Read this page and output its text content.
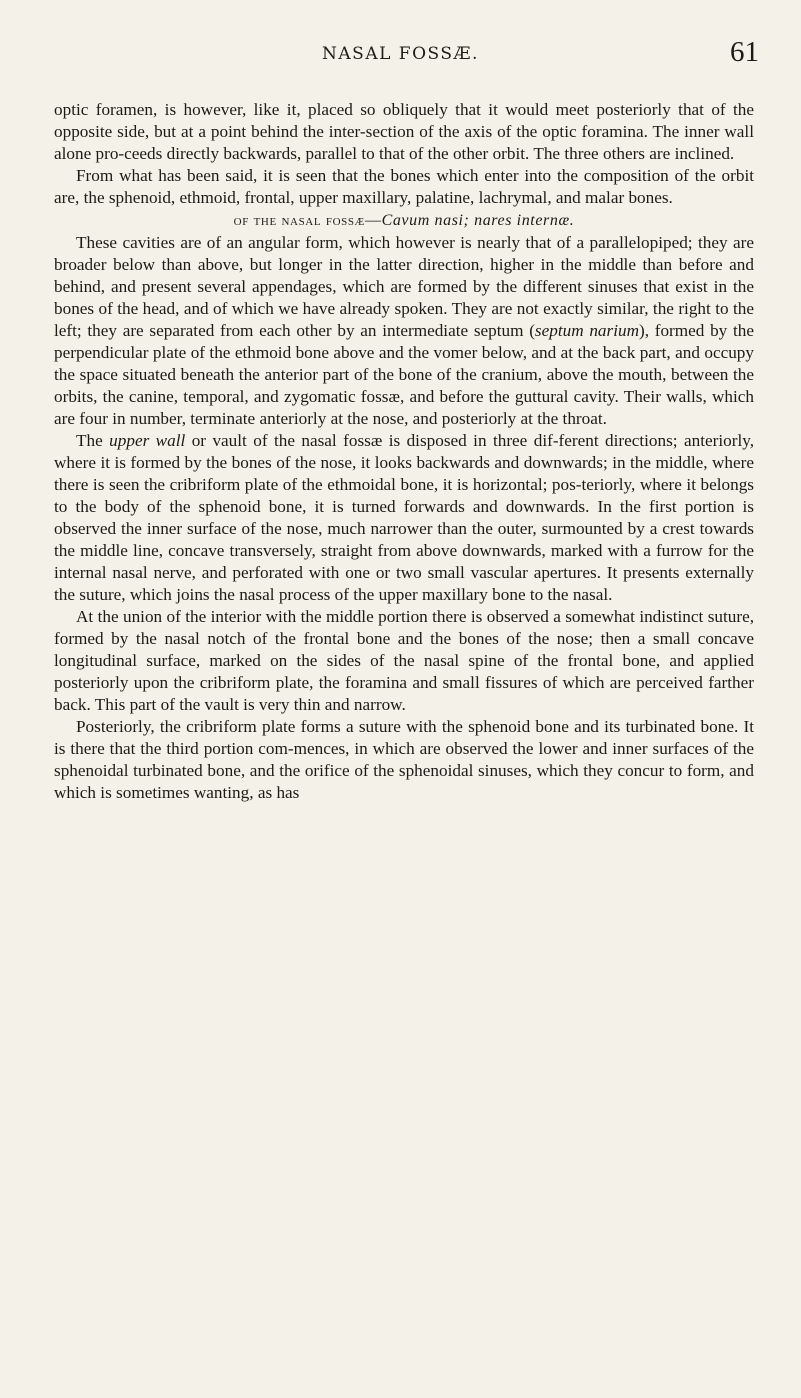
NASAL FOSSÆ.	61

optic foramen, is however, like it, placed so obliquely that it would meet posteriorly that of the opposite side, but at a point behind the inter-section of the axis of the optic foramina. The inner wall alone pro-ceeds directly backwards, parallel to that of the other orbit. The three others are inclined.

From what has been said, it is seen that the bones which enter into the composition of the orbit are, the sphenoid, ethmoid, frontal, upper maxillary, palatine, lachrymal, and malar bones.

of the nasal fossæ—Cavum nasi; nares internæ.

These cavities are of an angular form, which however is nearly that of a parallelopiped; they are broader below than above, but longer in the latter direction, higher in the middle than before and behind, and present several appendages, which are formed by the different sinuses that exist in the bones of the head, and of which we have already spoken. They are not exactly similar, the right to the left; they are separated from each other by an intermediate septum (septum narium), formed by the perpendicular plate of the ethmoid bone above and the vomer below, and at the back part, and occupy the space situated beneath the anterior part of the bone of the cranium, above the mouth, between the orbits, the canine, temporal, and zygomatic fossæ, and before the guttural cavity. Their walls, which are four in number, terminate anteriorly at the nose, and posteriorly at the throat.

The upper wall or vault of the nasal fossæ is disposed in three dif-ferent directions; anteriorly, where it is formed by the bones of the nose, it looks backwards and downwards; in the middle, where there is seen the cribriform plate of the ethmoidal bone, it is horizontal; pos-teriorly, where it belongs to the body of the sphenoid bone, it is turned forwards and downwards. In the first portion is observed the inner surface of the nose, much narrower than the outer, surmounted by a crest towards the middle line, concave transversely, straight from above downwards, marked with a furrow for the internal nasal nerve, and perforated with one or two small vascular apertures. It presents externally the suture, which joins the nasal process of the upper maxillary bone to the nasal.

At the union of the interior with the middle portion there is observed a somewhat indistinct suture, formed by the nasal notch of the frontal bone and the bones of the nose; then a small concave longitudinal surface, marked on the sides of the nasal spine of the frontal bone, and applied posteriorly upon the cribriform plate, the foramina and small fissures of which are perceived farther back. This part of the vault is very thin and narrow.

Posteriorly, the cribriform plate forms a suture with the sphenoid bone and its turbinated bone. It is there that the third portion com-mences, in which are observed the lower and inner surfaces of the sphenoidal turbinated bone, and the orifice of the sphenoidal sinuses, which they concur to form, and which is sometimes wanting, as has
